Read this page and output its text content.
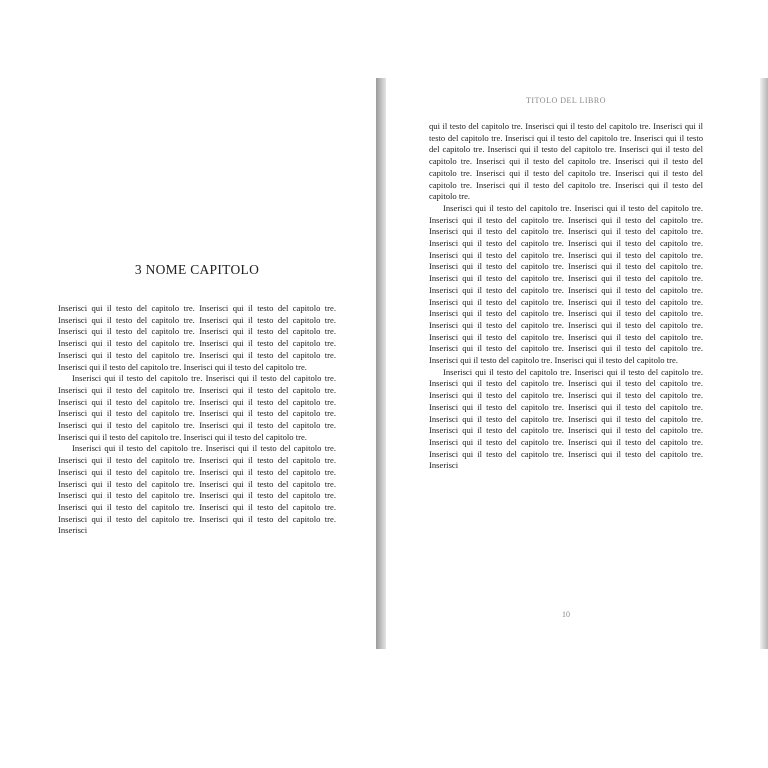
3 NOME CAPITOLO

Inserisci qui il testo del capitolo tre. Inserisci qui il testo del capitolo tre. Inserisci qui il testo del capitolo tre. Inserisci qui il testo del capitolo tre. Inserisci qui il testo del capitolo tre. Inserisci qui il testo del capitolo tre. Inserisci qui il testo del capitolo tre. Inserisci qui il testo del capitolo tre. Inserisci qui il testo del capitolo tre. Inserisci qui il testo del capitolo tre. Inserisci qui il testo del capitolo tre. Inserisci qui il testo del capitolo tre.

Inserisci qui il testo del capitolo tre. Inserisci qui il testo del capitolo tre. Inserisci qui il testo del capitolo tre. Inserisci qui il testo del capitolo tre. Inserisci qui il testo del capitolo tre. Inserisci qui il testo del capitolo tre. Inserisci qui il testo del capitolo tre. Inserisci qui il testo del capitolo tre. Inserisci qui il testo del capitolo tre. Inserisci qui il testo del capitolo tre. Inserisci qui il testo del capitolo tre. Inserisci qui il testo del capitolo tre.

Inserisci qui il testo del capitolo tre. Inserisci qui il testo del capitolo tre. Inserisci qui il testo del capitolo tre. Inserisci qui il testo del capitolo tre. Inserisci qui il testo del capitolo tre. Inserisci qui il testo del capitolo tre. Inserisci qui il testo del capitolo tre. Inserisci qui il testo del capitolo tre. Inserisci qui il testo del capitolo tre. Inserisci qui il testo del capitolo tre. Inserisci qui il testo del capitolo tre. Inserisci qui il testo del capitolo tre. Inserisci qui il testo del capitolo tre. Inserisci qui il testo del capitolo tre. Inserisci

TITOLO DEL LIBRO

qui il testo del capitolo tre. Inserisci qui il testo del capitolo tre. Inserisci qui il testo del capitolo tre. Inserisci qui il testo del capitolo tre. Inserisci qui il testo del capitolo tre. Inserisci qui il testo del capitolo tre. Inserisci qui il testo del capitolo tre. Inserisci qui il testo del capitolo tre. Inserisci qui il testo del capitolo tre. Inserisci qui il testo del capitolo tre. Inserisci qui il testo del capitolo tre. Inserisci qui il testo del capitolo tre. Inserisci qui il testo del capitolo tre.

Inserisci qui il testo del capitolo tre. Inserisci qui il testo del capitolo tre. Inserisci qui il testo del capitolo tre. Inserisci qui il testo del capitolo tre. Inserisci qui il testo del capitolo tre. Inserisci qui il testo del capitolo tre. Inserisci qui il testo del capitolo tre. Inserisci qui il testo del capitolo tre. Inserisci qui il testo del capitolo tre. Inserisci qui il testo del capitolo tre. Inserisci qui il testo del capitolo tre. Inserisci qui il testo del capitolo tre. Inserisci qui il testo del capitolo tre. Inserisci qui il testo del capitolo tre. Inserisci qui il testo del capitolo tre. Inserisci qui il testo del capitolo tre. Inserisci qui il testo del capitolo tre. Inserisci qui il testo del capitolo tre. Inserisci qui il testo del capitolo tre. Inserisci qui il testo del capitolo tre. Inserisci qui il testo del capitolo tre. Inserisci qui il testo del capitolo tre. Inserisci qui il testo del capitolo tre. Inserisci qui il testo del capitolo tre. Inserisci qui il testo del capitolo tre. Inserisci qui il testo del capitolo tre. Inserisci qui il testo del capitolo tre. Inserisci qui il testo del capitolo tre.

Inserisci qui il testo del capitolo tre. Inserisci qui il testo del capitolo tre. Inserisci qui il testo del capitolo tre. Inserisci qui il testo del capitolo tre. Inserisci qui il testo del capitolo tre. Inserisci qui il testo del capitolo tre. Inserisci qui il testo del capitolo tre. Inserisci qui il testo del capitolo tre. Inserisci qui il testo del capitolo tre. Inserisci qui il testo del capitolo tre. Inserisci qui il testo del capitolo tre. Inserisci qui il testo del capitolo tre. Inserisci qui il testo del capitolo tre. Inserisci qui il testo del capitolo tre. Inserisci qui il testo del capitolo tre. Inserisci qui il testo del capitolo tre. Inserisci

10
